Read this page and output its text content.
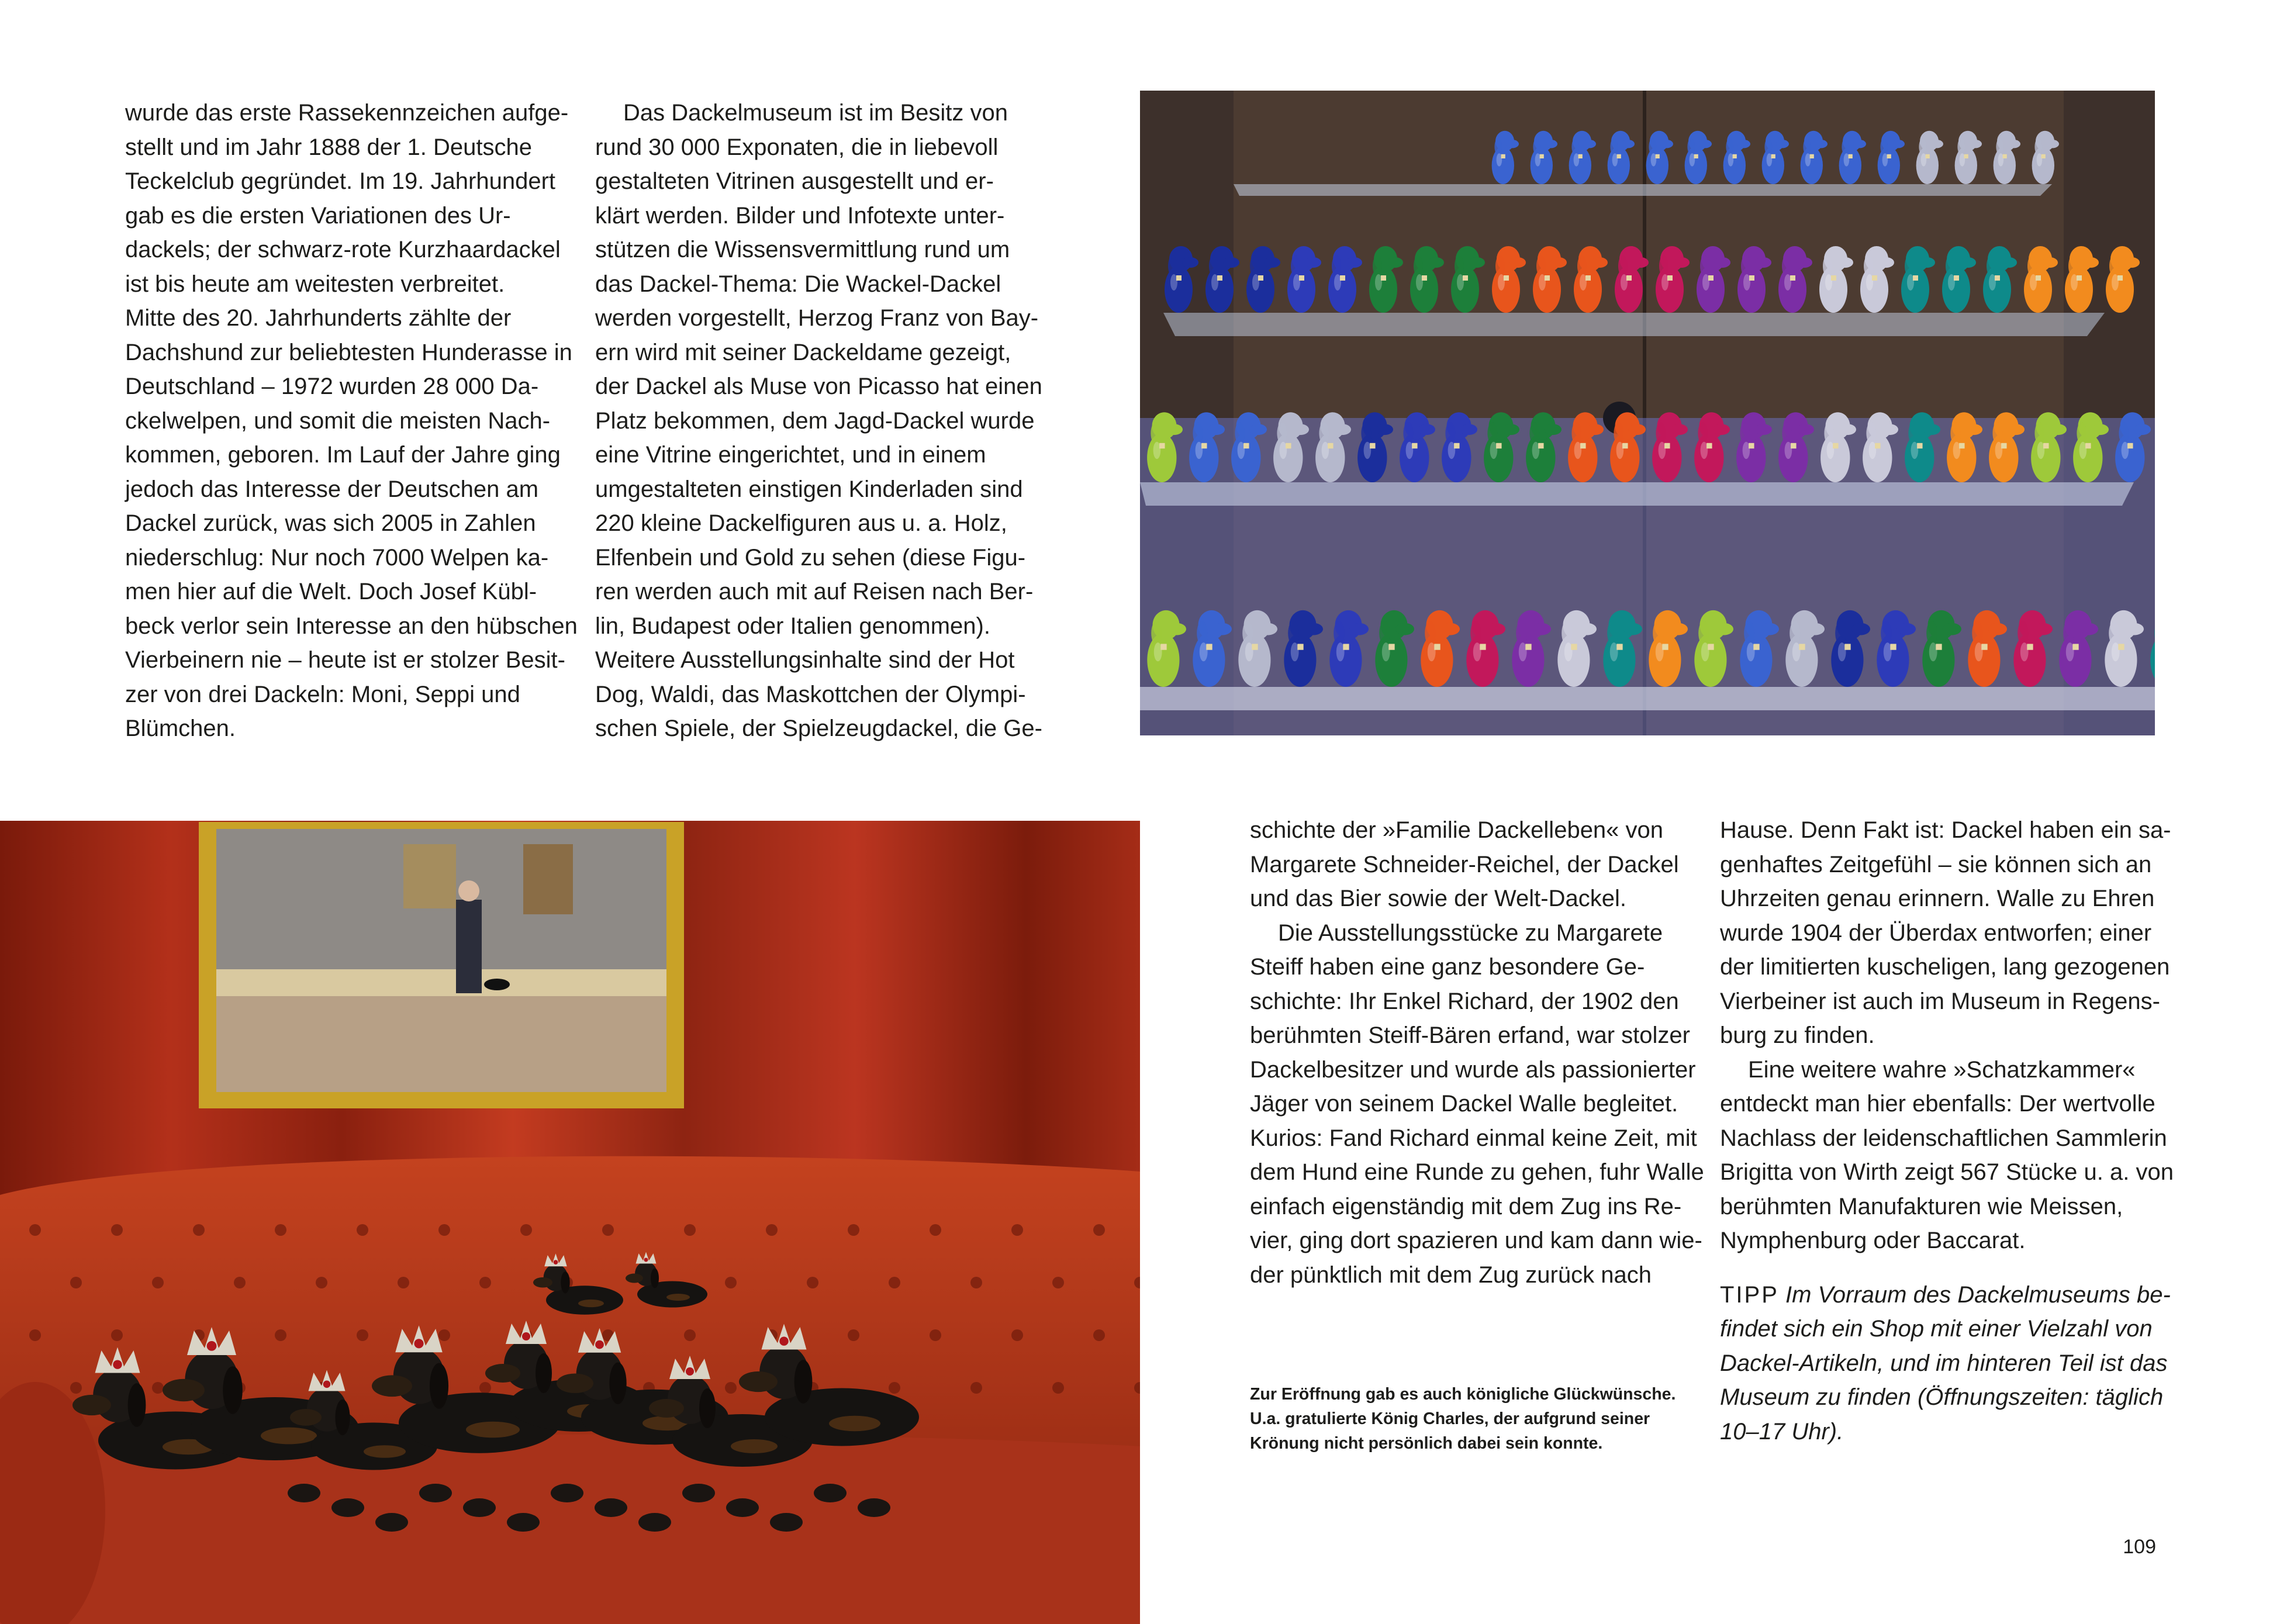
wurde das erste Rassekennzeichen aufge-
stellt und im Jahr 1888 der 1. Deutsche
Teckelclub gegründet. Im 19. Jahrhundert
gab es die ersten Variationen des Ur-
dackels; der schwarz-rote Kurzhaardackel
ist bis heute am weitesten verbreitet.
Mitte des 20. Jahrhunderts zählte der
Dachshund zur beliebtesten Hunderasse in
Deutschland – 1972 wurden 28 000 Da-
ckelwelpen, und somit die meisten Nach-
kommen, geboren. Im Lauf der Jahre ging
jedoch das Interesse der Deutschen am
Dackel zurück, was sich 2005 in Zahlen
niederschlug: Nur noch 7000 Welpen ka-
men hier auf die Welt. Doch Josef Kübl-
beck verlor sein Interesse an den hübschen
Vierbeinern nie – heute ist er stolzer Besit-
zer von drei Dackeln: Moni, Seppi und
Blümchen.
Das Dackelmuseum ist im Besitz von
rund 30 000 Exponaten, die in liebevoll
gestalteten Vitrinen ausgestellt und er-
klärt werden. Bilder und Infotexte unter-
stützen die Wissensvermittlung rund um
das Dackel-Thema: Die Wackel-Dackel
werden vorgestellt, Herzog Franz von Bay-
ern wird mit seiner Dackeldame gezeigt,
der Dackel als Muse von Picasso hat einen
Platz bekommen, dem Jagd-Dackel wurde
eine Vitrine eingerichtet, und in einem
umgestalteten einstigen Kinderladen sind
220 kleine Dackelfiguren aus u. a. Holz,
Elfenbein und Gold zu sehen (diese Figu-
ren werden auch mit auf Reisen nach Ber-
lin, Budapest oder Italien genommen).
Weitere Ausstellungsinhalte sind der Hot
Dog, Waldi, das Maskottchen der Olympi-
schen Spiele, der Spielzeugdackel, die Ge-
schichte der »Familie Dackelleben« von
Margarete Schneider-Reichel, der Dackel
und das Bier sowie der Welt-Dackel.
Die Ausstellungsstücke zu Margarete
Steiff haben eine ganz besondere Ge-
schichte: Ihr Enkel Richard, der 1902 den
berühmten Steiff-Bären erfand, war stolzer
Dackelbesitzer und wurde als passionierter
Jäger von seinem Dackel Walle begleitet.
Kurios: Fand Richard einmal keine Zeit, mit
dem Hund eine Runde zu gehen, fuhr Walle
einfach eigenständig mit dem Zug ins Re-
vier, ging dort spazieren und kam dann wie-
der pünktlich mit dem Zug zurück nach
Hause. Denn Fakt ist: Dackel haben ein sa-
genhaftes Zeitgefühl – sie können sich an
Uhrzeiten genau erinnern. Walle zu Ehren
wurde 1904 der Überdax entworfen; einer
der limitierten kuscheligen, lang gezogenen
Vierbeiner ist auch im Museum in Regens-
burg zu finden.
Eine weitere wahre »Schatzkammer«
entdeckt man hier ebenfalls: Der wertvolle
Nachlass der leidenschaftlichen Sammlerin
Brigitta von Wirth zeigt 567 Stücke u. a. von
berühmten Manufakturen wie Meissen,
Nymphenburg oder Baccarat.
TIPP Im Vorraum des Dackelmuseums be-
findet sich ein Shop mit einer Vielzahl von
Dackel-Artikeln, und im hinteren Teil ist das
Museum zu finden (Öffnungszeiten: täglich
10–17 Uhr).
Zur Eröffnung gab es auch königliche Glückwünsche.
U.a. gratulierte König Charles, der aufgrund seiner
Krönung nicht persönlich dabei sein konnte.
109
